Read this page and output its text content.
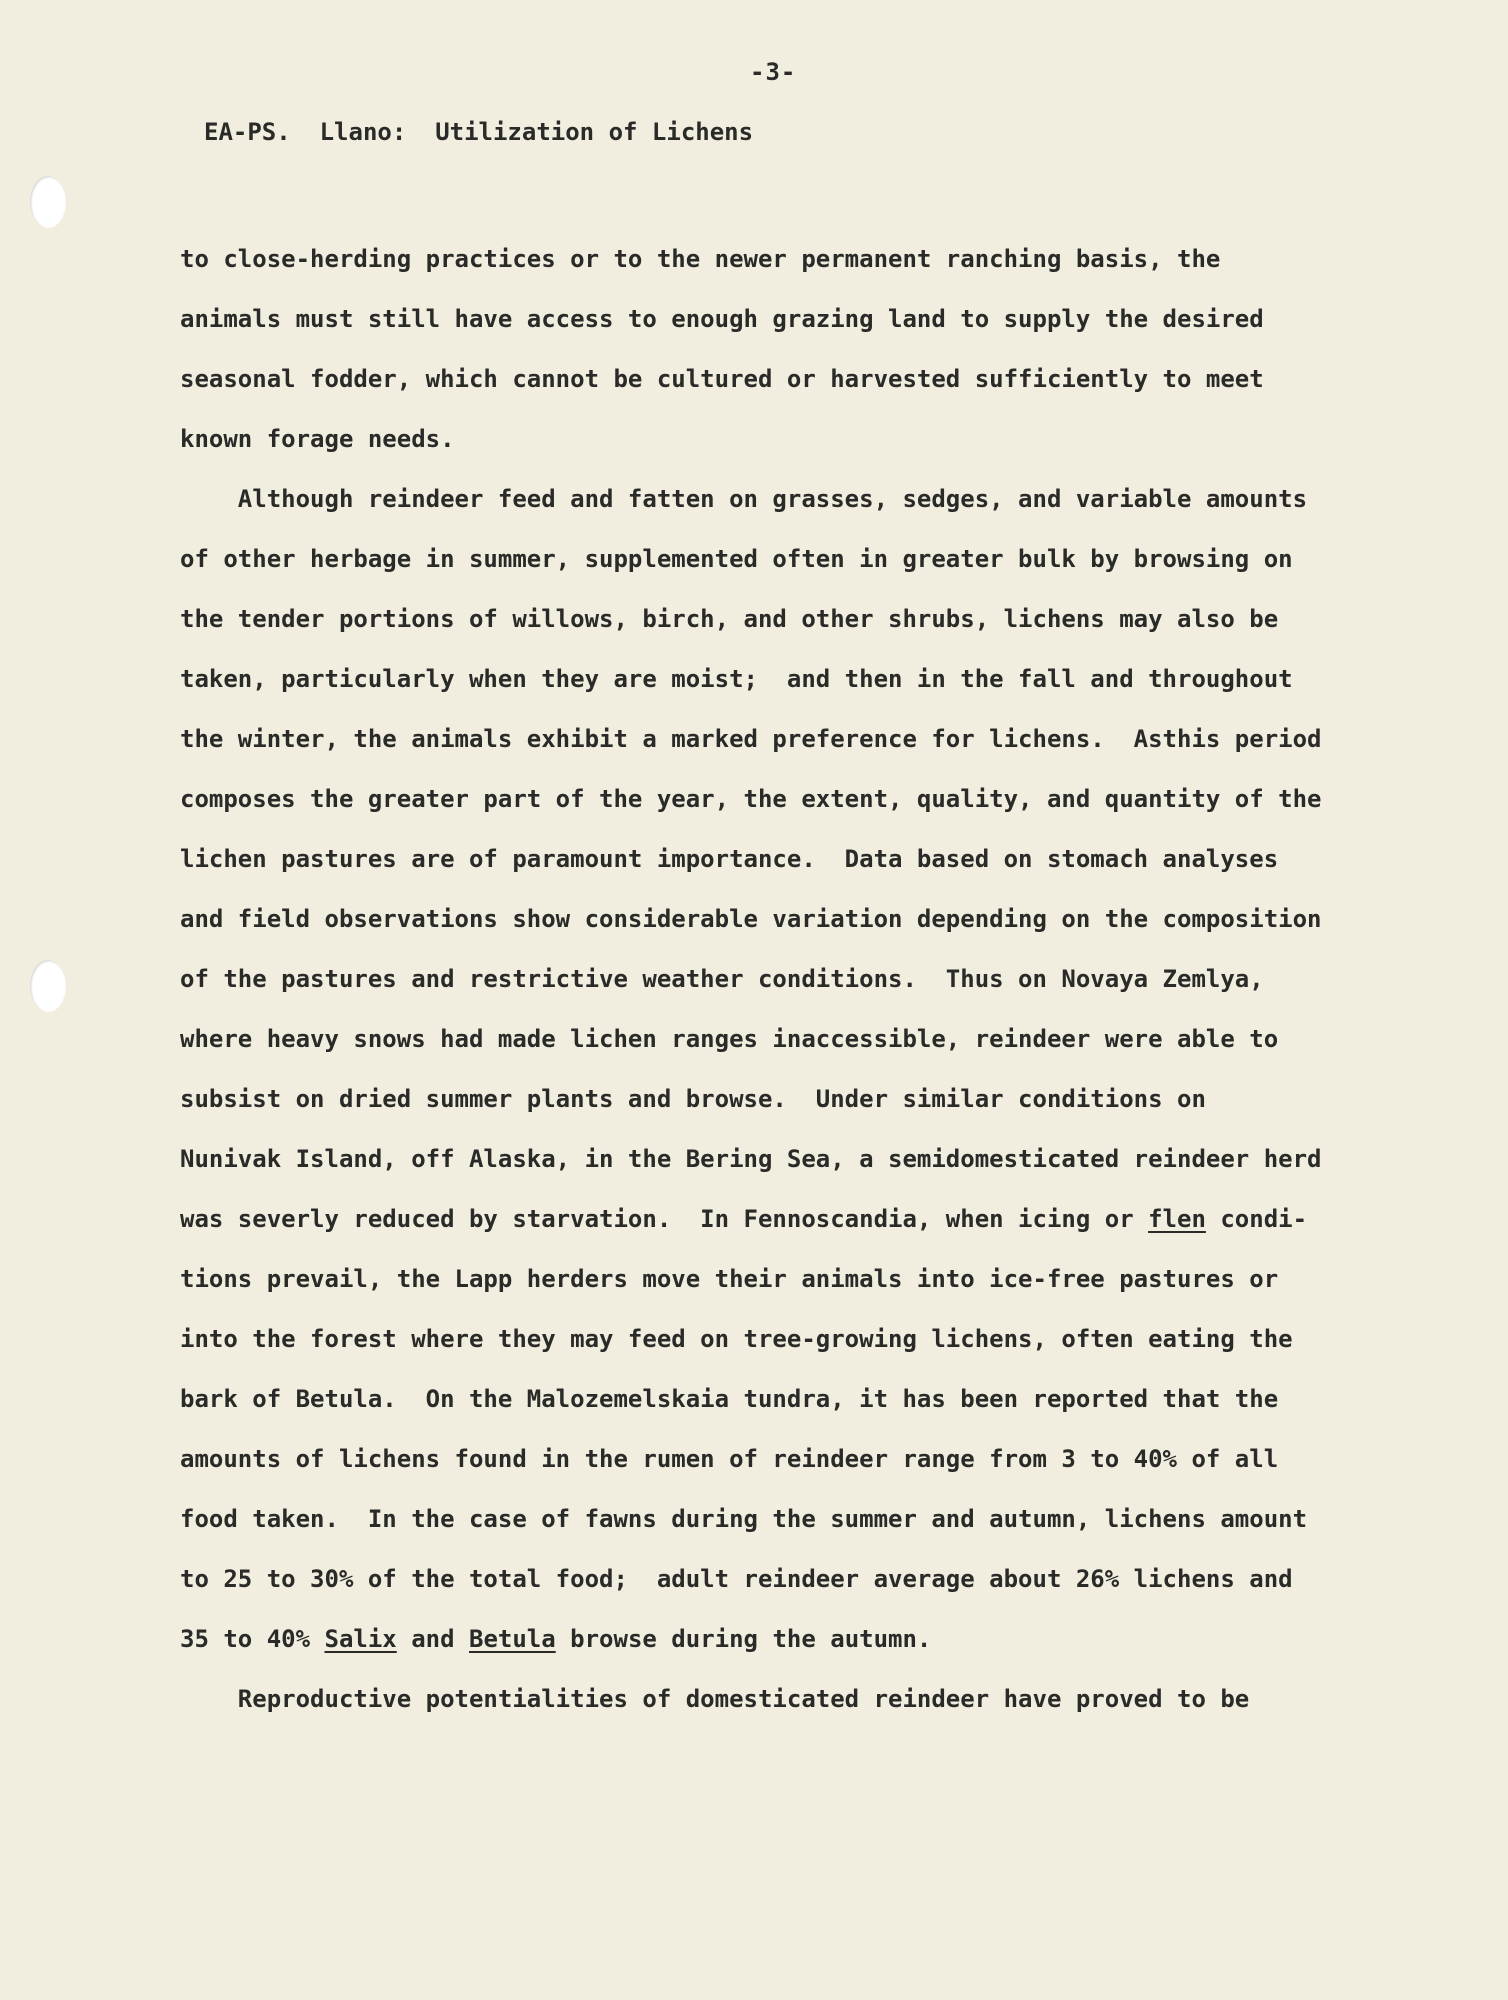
-3-
EA-PS.  Llano:  Utilization of Lichens
to close-herding practices or to the newer permanent ranching basis, the
animals must still have access to enough grazing land to supply the desired
seasonal fodder, which cannot be cultured or harvested sufficiently to meet
known forage needs.
Although reindeer feed and fatten on grasses, sedges, and variable amounts
of other herbage in summer, supplemented often in greater bulk by browsing on
the tender portions of willows, birch, and other shrubs, lichens may also be
taken, particularly when they are moist;  and then in the fall and throughout
the winter, the animals exhibit a marked preference for lichens.  Asthis period
composes the greater part of the year, the extent, quality, and quantity of the
lichen pastures are of paramount importance.  Data based on stomach analyses
and field observations show considerable variation depending on the composition
of the pastures and restrictive weather conditions.  Thus on Novaya Zemlya,
where heavy snows had made lichen ranges inaccessible, reindeer were able to
subsist on dried summer plants and browse.  Under similar conditions on
Nunivak Island, off Alaska, in the Bering Sea, a semidomesticated reindeer herd
was severly reduced by starvation.  In Fennoscandia, when icing or flen condi-
tions prevail, the Lapp herders move their animals into ice-free pastures or
into the forest where they may feed on tree-growing lichens, often eating the
bark of Betula.  On the Malozemelskaia tundra, it has been reported that the
amounts of lichens found in the rumen of reindeer range from 3 to 40% of all
food taken.  In the case of fawns during the summer and autumn, lichens amount
to 25 to 30% of the total food;  adult reindeer average about 26% lichens and
35 to 40% Salix and Betula browse during the autumn.
Reproductive potentialities of domesticated reindeer have proved to be
